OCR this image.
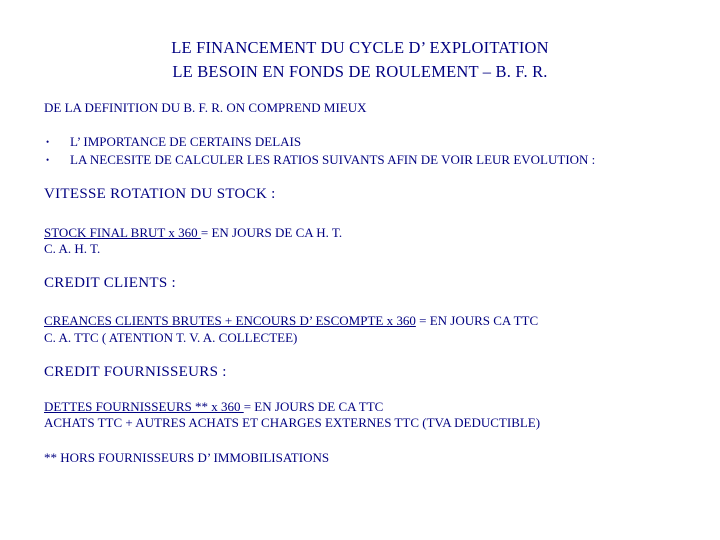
LE FINANCEMENT DU CYCLE D’ EXPLOITATION
LE BESOIN EN FONDS DE ROULEMENT – B. F. R.
DE LA DEFINITION DU B. F. R. ON COMPREND MIEUX
• L’ IMPORTANCE DE CERTAINS DELAIS
• LA NECESITE DE CALCULER LES RATIOS SUIVANTS AFIN DE VOIR LEUR EVOLUTION :
VITESSE ROTATION DU STOCK :
STOCK FINAL BRUT x 360 = EN JOURS DE CA H. T.
C. A. H. T.
CREDIT CLIENTS :
CREANCES CLIENTS BRUTES + ENCOURS D’ ESCOMPTE x 360 = EN JOURS CA TTC
C. A. TTC ( ATENTION T. V. A. COLLECTEE)
CREDIT FOURNISSEURS :
DETTES FOURNISSEURS ** x 360 = EN JOURS DE CA TTC
ACHATS TTC + AUTRES ACHATS ET CHARGES EXTERNES TTC (TVA DEDUCTIBLE)
** HORS FOURNISSEURS D’ IMMOBILISATIONS
